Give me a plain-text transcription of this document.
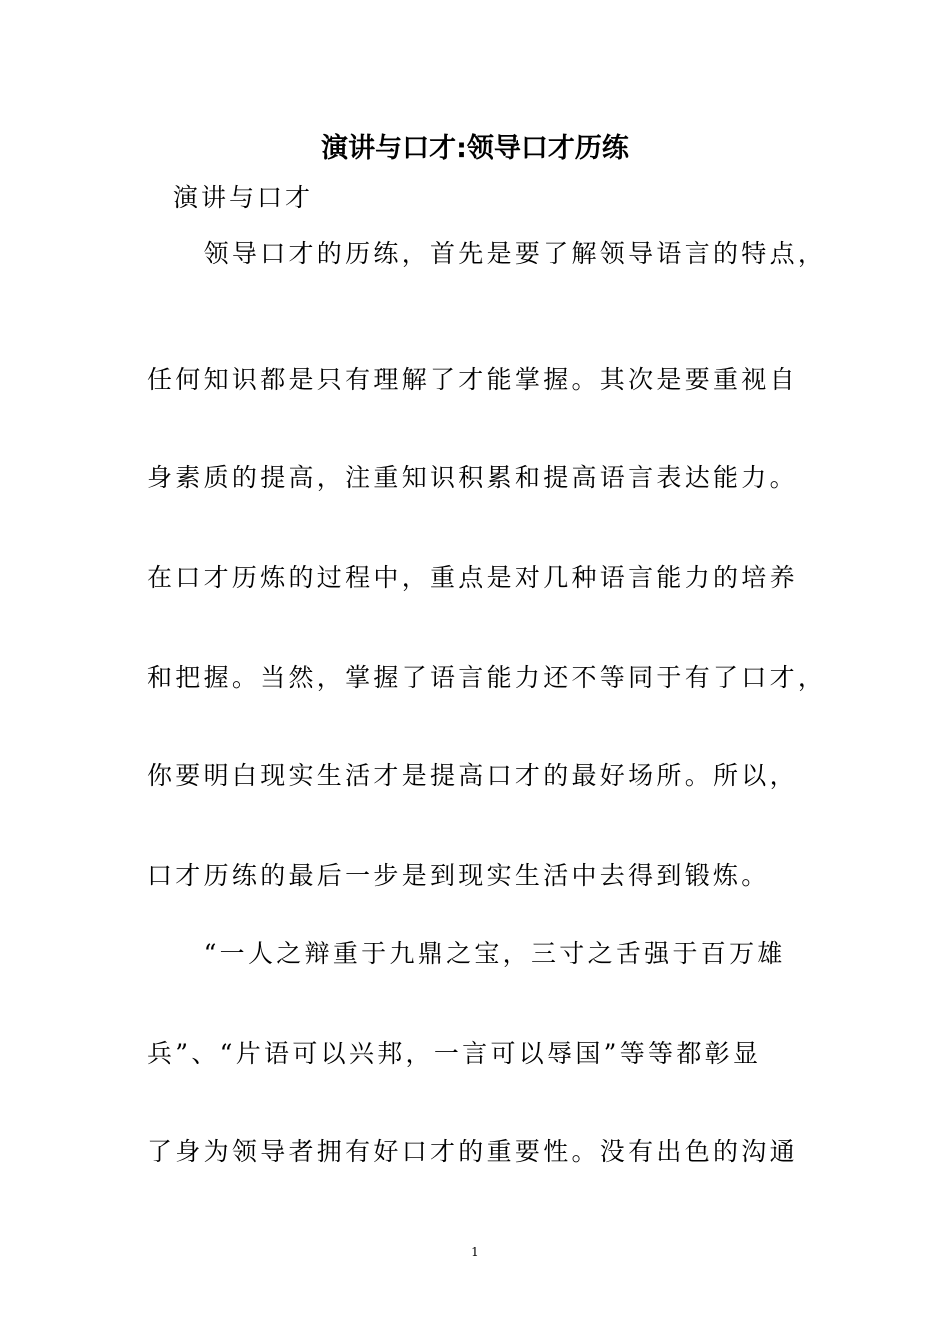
演讲与口才:领导口才历练
演讲与口才
　　领导口才的历练，首先是要了解领导语言的特点，
任何知识都是只有理解了才能掌握。其次是要重视自
身素质的提高，注重知识积累和提高语言表达能力。
在口才历炼的过程中，重点是对几种语言能力的培养
和把握。当然，掌握了语言能力还不等同于有了口才，
你要明白现实生活才是提高口才的最好场所。所以，
口才历练的最后一步是到现实生活中去得到锻炼。
　　“一人之辩重于九鼎之宝，三寸之舌强于百万雄
兵”、“片语可以兴邦，一言可以辱国”等等都彰显
了身为领导者拥有好口才的重要性。没有出色的沟通
1
